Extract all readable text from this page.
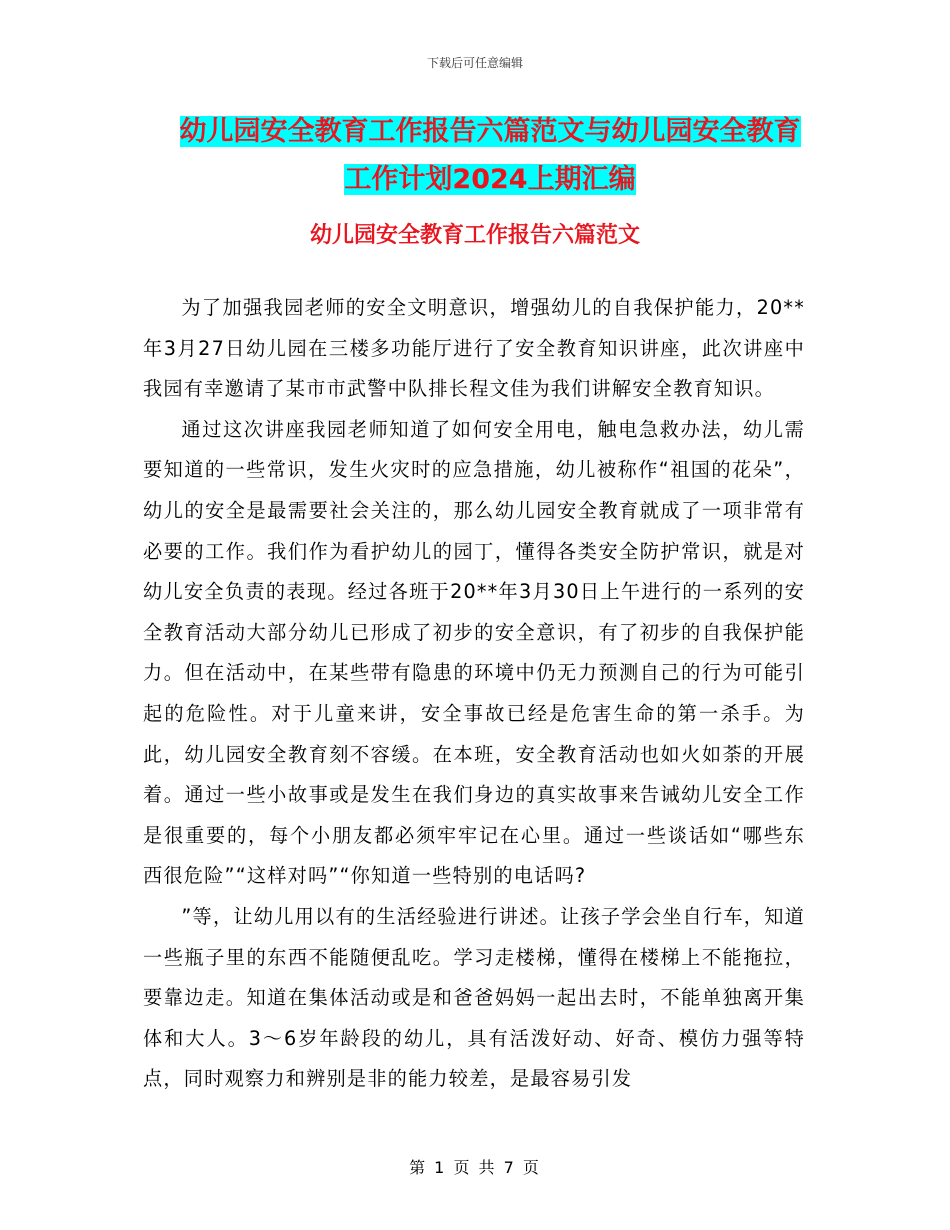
下载后可任意编辑
幼儿园安全教育工作报告六篇范文与幼儿园安全教育
工作计划2024上期汇编
幼儿园安全教育工作报告六篇范文

为了加强我园老师的安全文明意识，增强幼儿的自我保护能力，20**年3月27日幼儿园在三楼多功能厅进行了安全教育知识讲座，此次讲座中我园有幸邀请了某市市武警中队排长程文佳为我们讲解安全教育知识。

通过这次讲座我园老师知道了如何安全用电，触电急救办法，幼儿需要知道的一些常识，发生火灾时的应急措施，幼儿被称作“祖国的花朵”，幼儿的安全是最需要社会关注的，那么幼儿园安全教育就成了一项非常有必要的工作。我们作为看护幼儿的园丁，懂得各类安全防护常识，就是对幼儿安全负责的表现。经过各班于20**年3月30日上午进行的一系列的安全教育活动大部分幼儿已形成了初步的安全意识，有了初步的自我保护能力。但在活动中，在某些带有隐患的环境中仍无力预测自己的行为可能引起的危险性。对于儿童来讲，安全事故已经是危害生命的第一杀手。为此，幼儿园安全教育刻不容缓。在本班，安全教育活动也如火如荼的开展着。通过一些小故事或是发生在我们身边的真实故事来告诫幼儿安全工作是很重要的，每个小朋友都必须牢牢记在心里。通过一些谈话如“哪些东西很危险”“这样对吗”“你知道一些特别的电话吗?

”等，让幼儿用以有的生活经验进行讲述。让孩子学会坐自行车，知道一些瓶子里的东西不能随便乱吃。学习走楼梯，懂得在楼梯上不能拖拉，要靠边走。知道在集体活动或是和爸爸妈妈一起出去时，不能单独离开集体和大人。3～6岁年龄段的幼儿，具有活泼好动、好奇、模仿力强等特点，同时观察力和辨别是非的能力较差，是最容易引发

第 1 页 共 7 页
